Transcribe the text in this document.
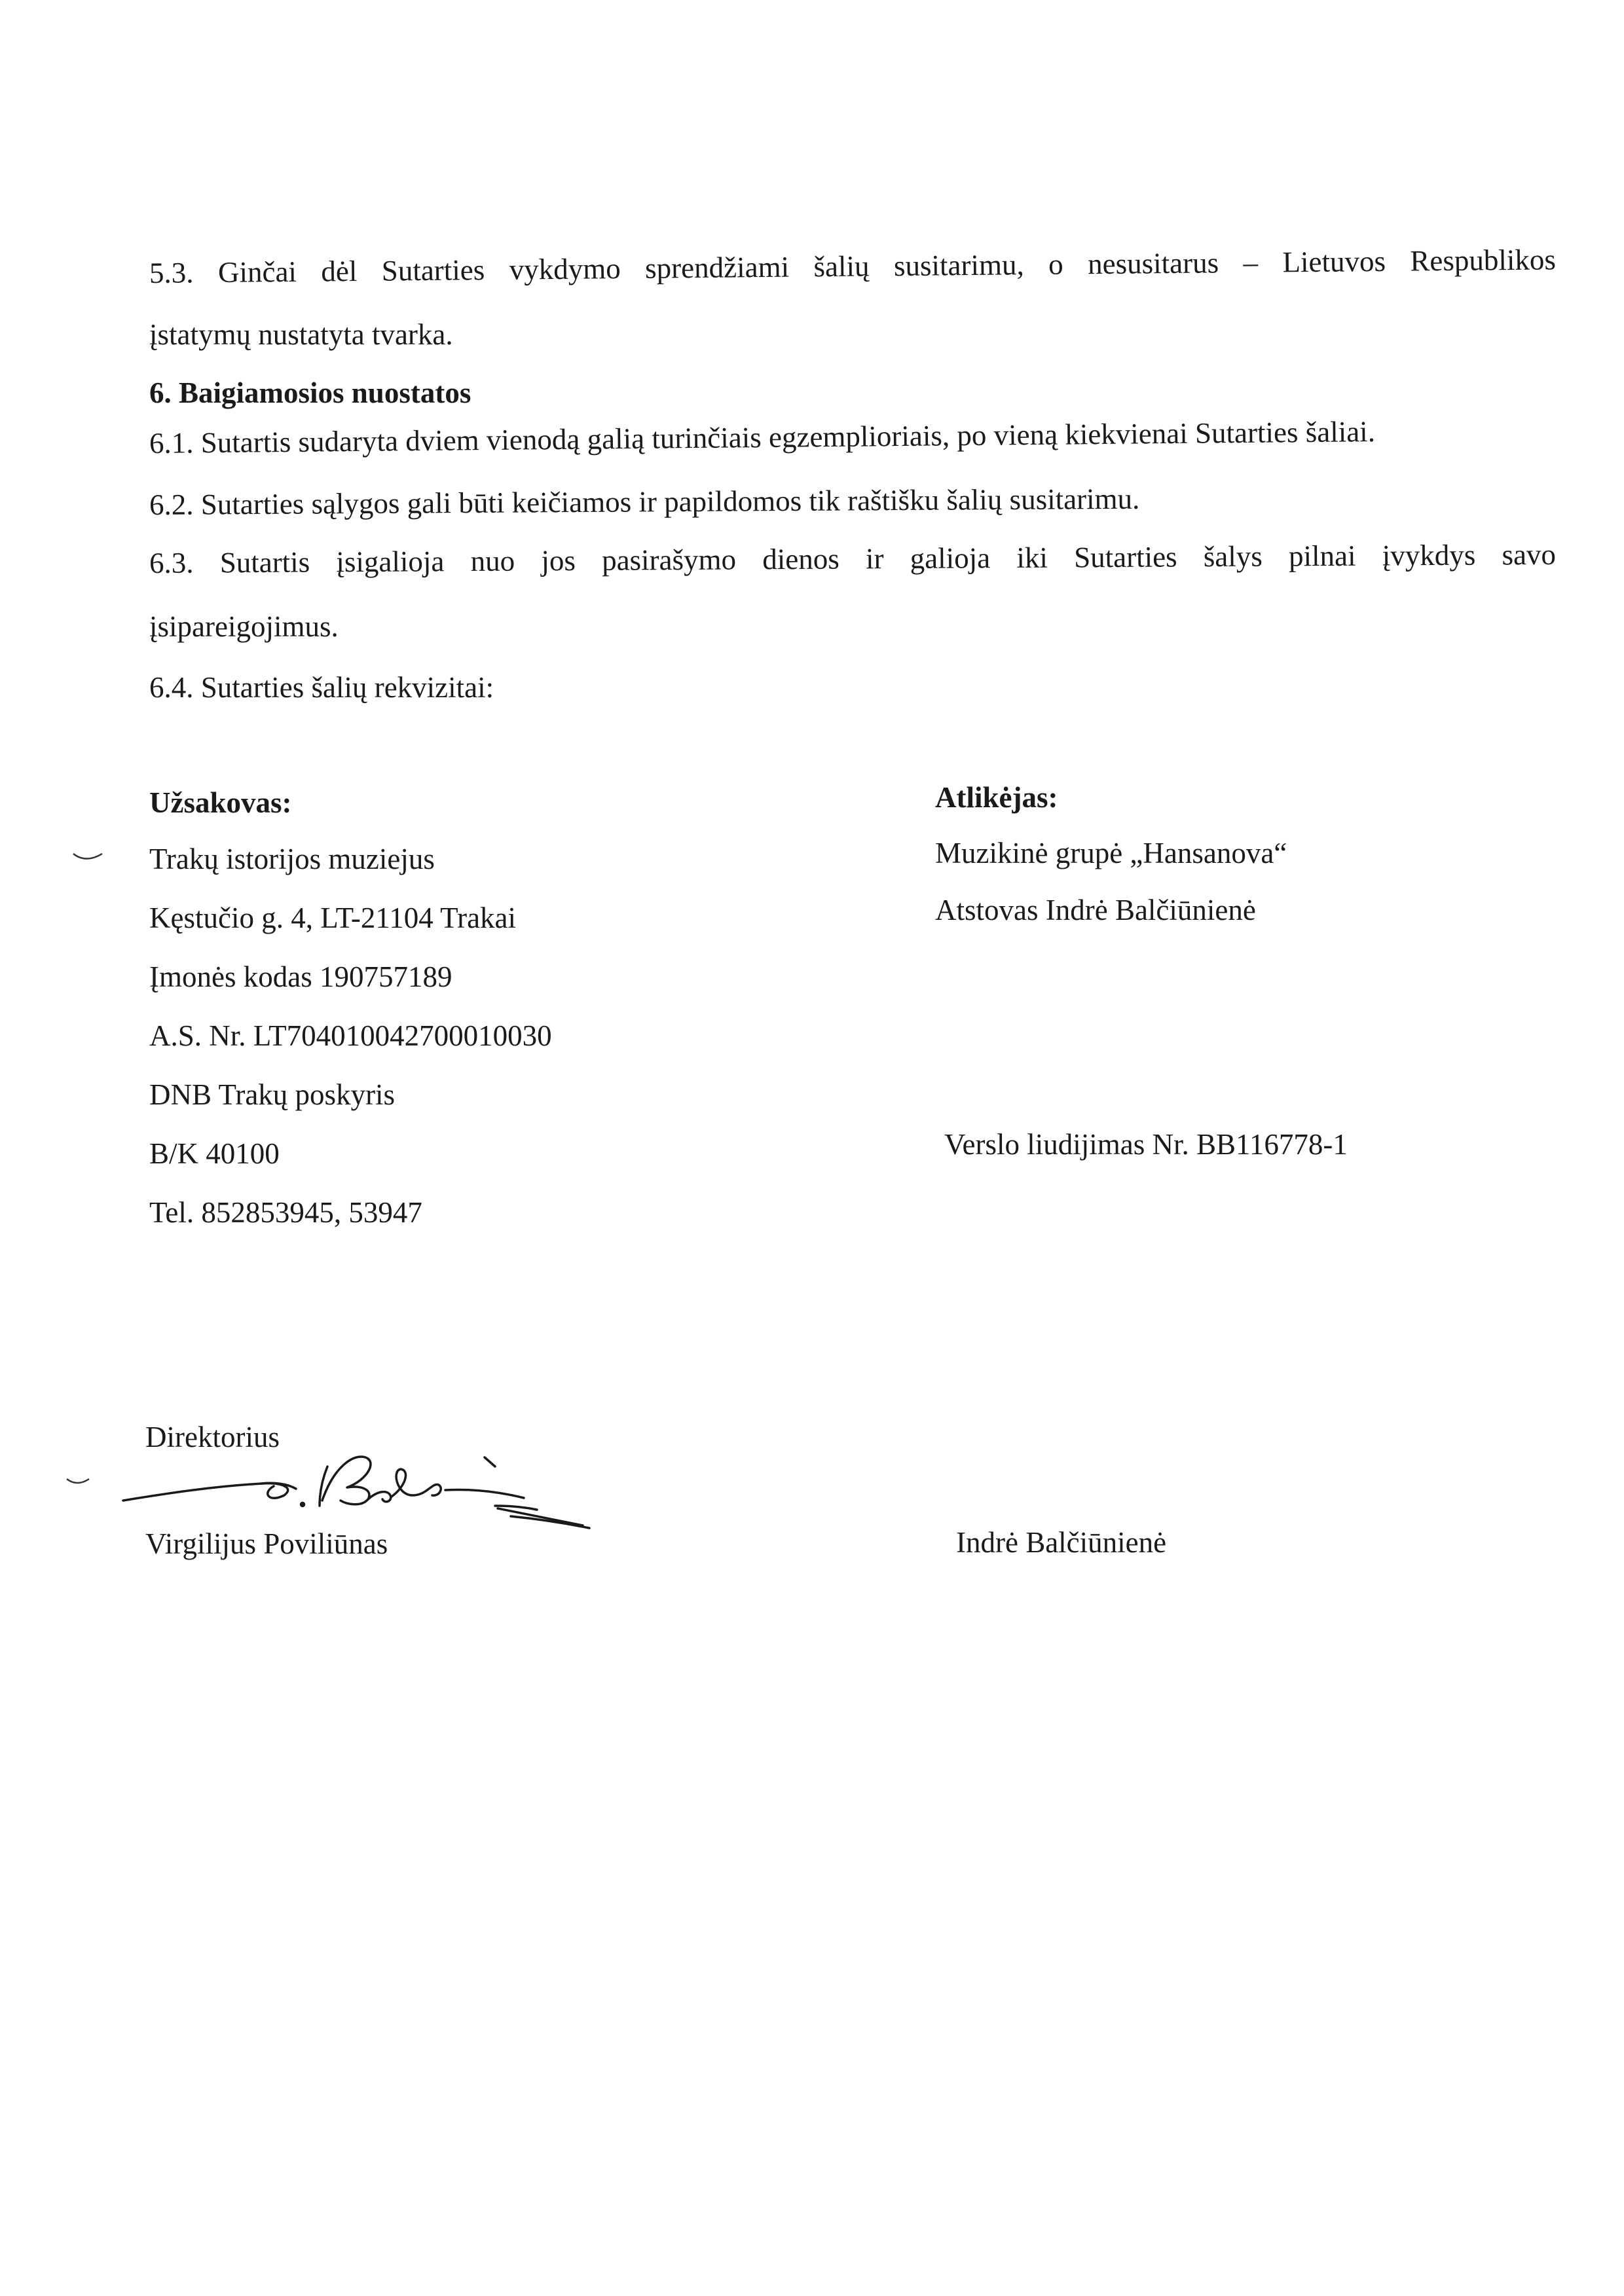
5.3. Ginčai dėl Sutarties vykdymo sprendžiami šalių susitarimu, o nesusitarus – Lietuvos Respublikos
įstatymų nustatyta tvarka.
6. Baigiamosios nuostatos
6.1. Sutartis sudaryta dviem vienodą galią turinčiais egzemplioriais, po vieną kiekvienai Sutarties šaliai.
6.2. Sutarties sąlygos gali būti keičiamos ir papildomos tik raštišku šalių susitarimu.
6.3. Sutartis įsigalioja nuo jos pasirašymo dienos ir galioja iki Sutarties šalys pilnai įvykdys savo
įsipareigojimus.
6.4. Sutarties šalių rekvizitai:
Užsakovas:
Trakų istorijos muziejus
Kęstučio g. 4, LT-21104 Trakai
Įmonės kodas 190757189
A.S. Nr. LT704010042700010030
DNB Trakų poskyris
B/K 40100
Tel. 852853945, 53947
Atlikėjas:
Muzikinė grupė „Hansanova“
Atstovas Indrė Balčiūnienė
Verslo liudijimas Nr. BB116778-1
Direktorius
Virgilijus Poviliūnas	Indrė Balčiūnienė
